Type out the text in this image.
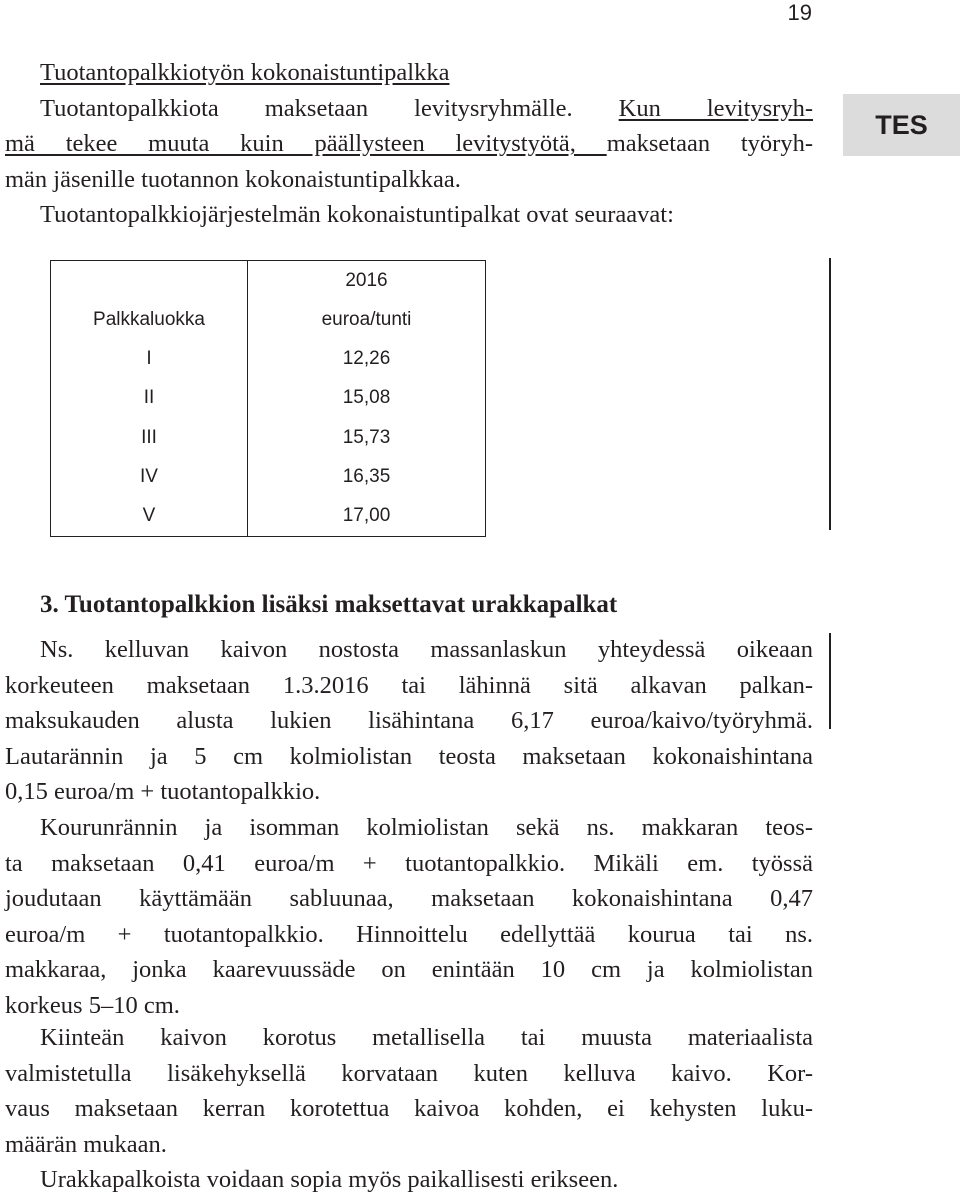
19
TES

Tuotantopalkkiotyön kokonaistuntipalkka
Tuotantopalkkiota maksetaan levitysryhmälle. Kun levitysryh-
mä tekee muuta kuin päällysteen levitystyötä, maksetaan työryh-
män jäsenille tuotannon kokonaistuntipalkkaa.
Tuotantopalkkiojärjestelmän kokonaistuntipalkat ovat seuraavat:

	2016
Palkkaluokka	euroa/tunti
I	12,26
II	15,08
III	15,73
IV	16,35
V	17,00
3. Tuotantopalkkion lisäksi maksettavat urakkapalkat

Ns. kelluvan kaivon nostosta massanlaskun yhteydessä oikeaan
korkeuteen maksetaan 1.3.2016 tai lähinnä sitä alkavan palkan-
maksukauden alusta lukien lisähintana 6,17 euroa/kaivo/työryhmä.
Lautarännin ja 5 cm kolmiolistan teosta maksetaan kokonaishintana
0,15 euroa/m + tuotantopalkkio.

Kourunrännin ja isomman kolmiolistan sekä ns. makkaran teos-
ta maksetaan 0,41 euroa/m + tuotantopalkkio. Mikäli em. työssä
joudutaan käyttämään sabluunaa, maksetaan kokonaishintana 0,47
euroa/m + tuotantopalkkio. Hinnoittelu edellyttää kourua tai ns.
makkaraa, jonka kaarevuussäde on enintään 10 cm ja kolmiolistan
korkeus 5–10 cm.

Kiinteän kaivon korotus metallisella tai muusta materiaalista
valmistetulla lisäkehyksellä korvataan kuten kelluva kaivo. Kor-
vaus maksetaan kerran korotettua kaivoa kohden, ei kehysten luku-
määrän mukaan.

Urakkapalkoista voidaan sopia myös paikallisesti erikseen.
